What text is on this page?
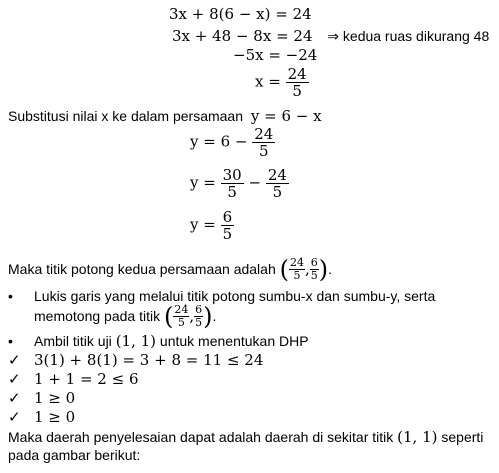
3x + 8(6 − x) = 24
3x + 48 − 8x = 24 ⇒ kedua ruas dikurang 48
−5x = −24
$x = \frac{24}{5}$
Substitusi nilai x ke dalam persamaan y = 6 − x
$y = 6 - \frac{24}{5}$
$y = \frac{30}{5} - \frac{24}{5}$
$y = \frac{6}{5}$
Maka titik potong kedua persamaan adalah ( $\frac{24}{5}$ , $\frac{6}{5}$ ).
• Lukis garis yang melalui titik potong sumbu-x dan sumbu-y, serta
memotong pada titik ( $\frac{24}{5}$ , $\frac{6}{5}$ ).
• Ambil titik uji (1, 1) untuk menentukan DHP
✓ 3(1) + 8(1) = 3 + 8 = 11 ≤ 24
✓ 1 + 1 = 2 ≤ 6
✓ 1 ≥ 0
✓ 1 ≥ 0
Maka daerah penyelesaian dapat adalah daerah di sekitar titik (1, 1) seperti
pada gambar berikut:
